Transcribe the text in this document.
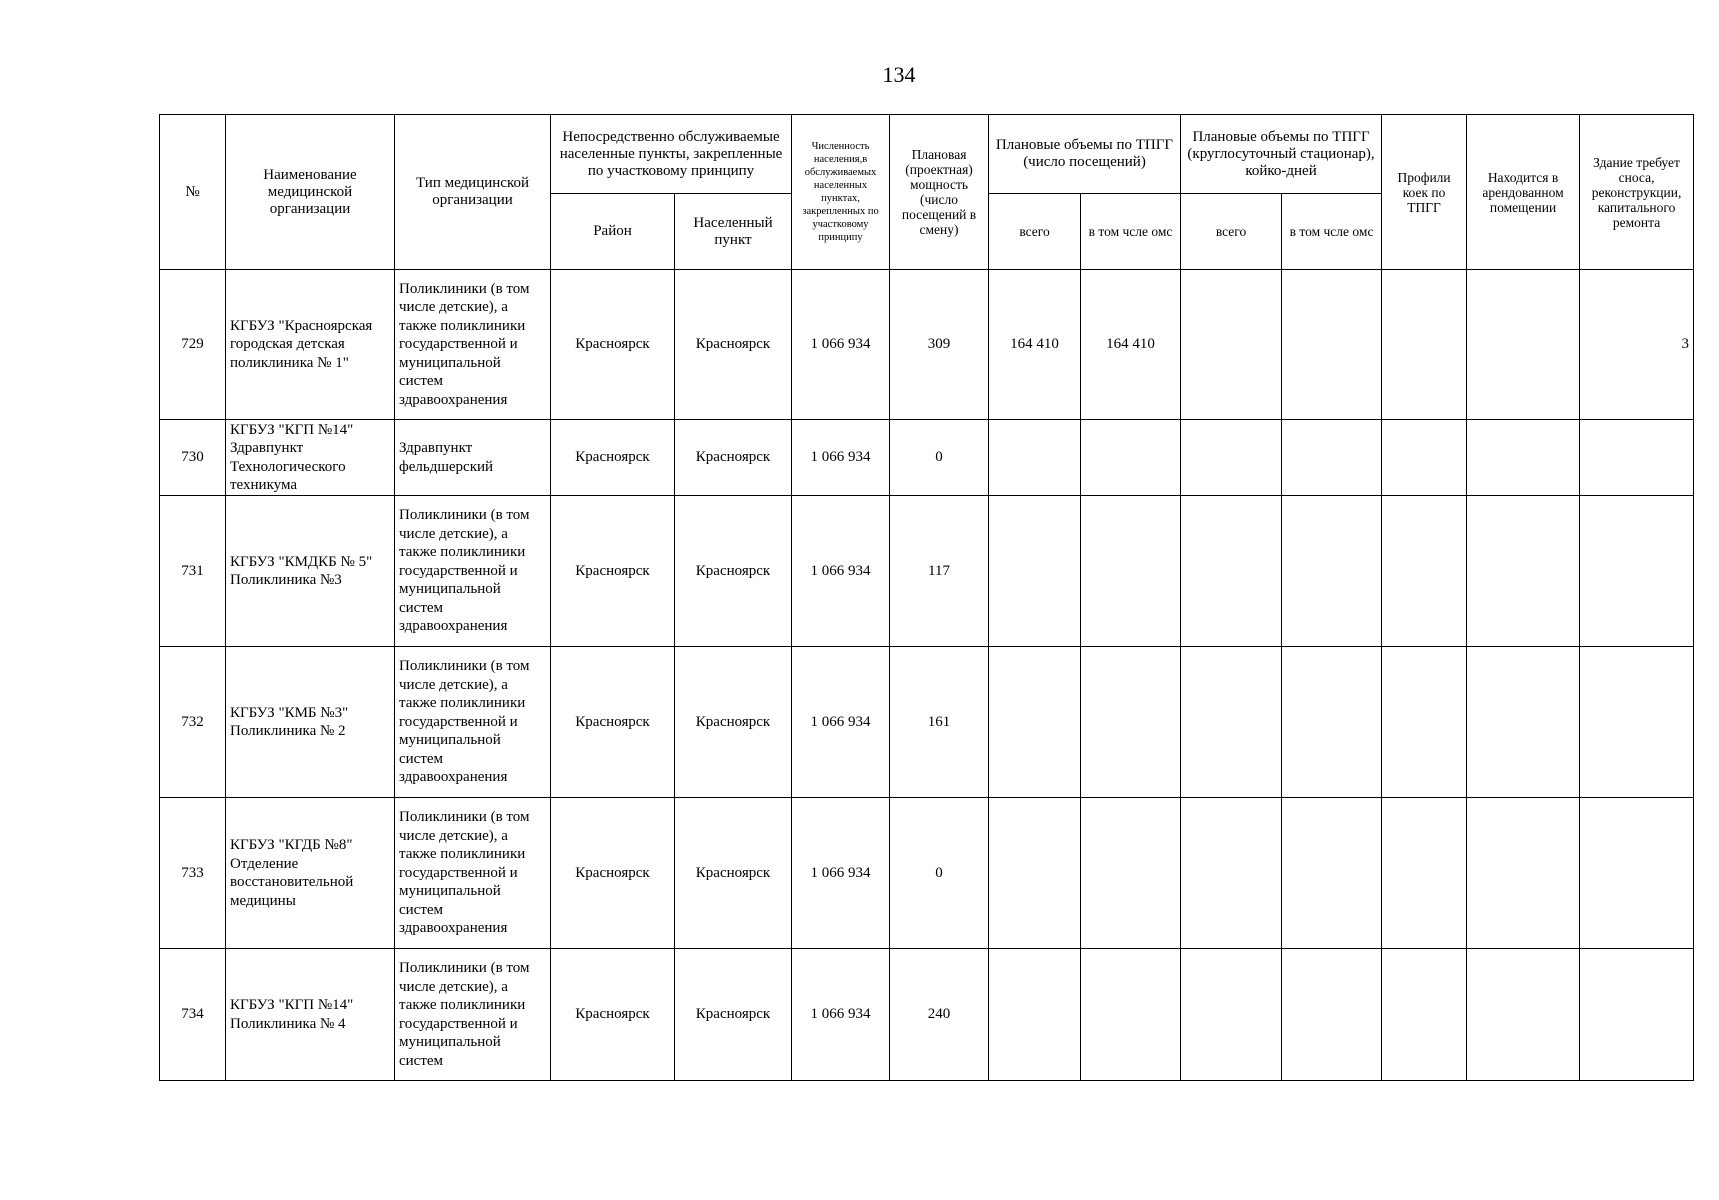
134
№	Наименование медицинской организации	Тип медицинской организации	Непосредственно обслуживаемые населенные пункты, закрепленные по участковому принципу		Численность населения,в обслуживаемых населенных пунктах, закрепленных по участковому принципу	Плановая (проектная) мощность (число посещений в смену)	Плановые объемы по ТПГГ (число посещений)		Плановые объемы по ТПГГ (круглосуточный стационар), койко-дней		Профили коек по ТПГГ	Находится в арендованном помещении	Здание требует сноса, реконструкции, капитального ремонта
			Район	Населенный пункт			всего	в том чсле омс	всего	в том чсле омс			
729	КГБУЗ "Красноярская городская детская поликлиника № 1"	Поликлиники (в том числе детские), а также поликлиники государственной и муниципальной систем здравоохранения	Красноярск	Красноярск	1 066 934	309	164 410	164 410					3
730	КГБУЗ "КГП №14" Здравпункт Технологического техникума	Здравпункт фельдшерский	Красноярск	Красноярск	1 066 934	0							
731	КГБУЗ "КМДКБ № 5" Поликлиника №3	Поликлиники (в том числе детские), а также поликлиники государственной и муниципальной систем здравоохранения	Красноярск	Красноярск	1 066 934	117							
732	КГБУЗ "КМБ №3" Поликлиника № 2	Поликлиники (в том числе детские), а также поликлиники государственной и муниципальной систем здравоохранения	Красноярск	Красноярск	1 066 934	161							
733	КГБУЗ "КГДБ №8" Отделение восстановительной медицины	Поликлиники (в том числе детские), а также поликлиники государственной и муниципальной систем здравоохранения	Красноярск	Красноярск	1 066 934	0							
734	КГБУЗ "КГП №14" Поликлиника № 4	Поликлиники (в том числе детские), а также поликлиники государственной и муниципальной систем	Красноярск	Красноярск	1 066 934	240							
